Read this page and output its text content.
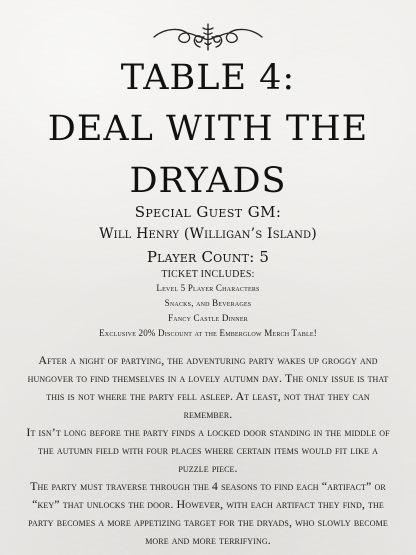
TABLE 4:
DEAL WITH THE
DRYADS
Special Guest GM:
Will Henry (Willigan’s Island)
Player Count: 5
TICKET INCLUDES:
Level 5 Player Characters
Snacks, and Beverages
Fancy Castle Dinner
Exclusive 20% Discount at the Emberglow Merch Table!

After a night of partying, the adventuring party wakes up groggy and hungover to find themselves in a lovely autumn day. The only issue is that this is not where the party fell asleep. At least, not that they can remember.

It isn’t long before the party finds a locked door standing in the middle of the autumn field with four places where certain items would fit like a puzzle piece.

The party must traverse through the 4 seasons to find each “artifact” or “key” that unlocks the door. However, with each artifact they find, the party becomes a more appetizing target for the dryads, who slowly become more and more terrifying.
